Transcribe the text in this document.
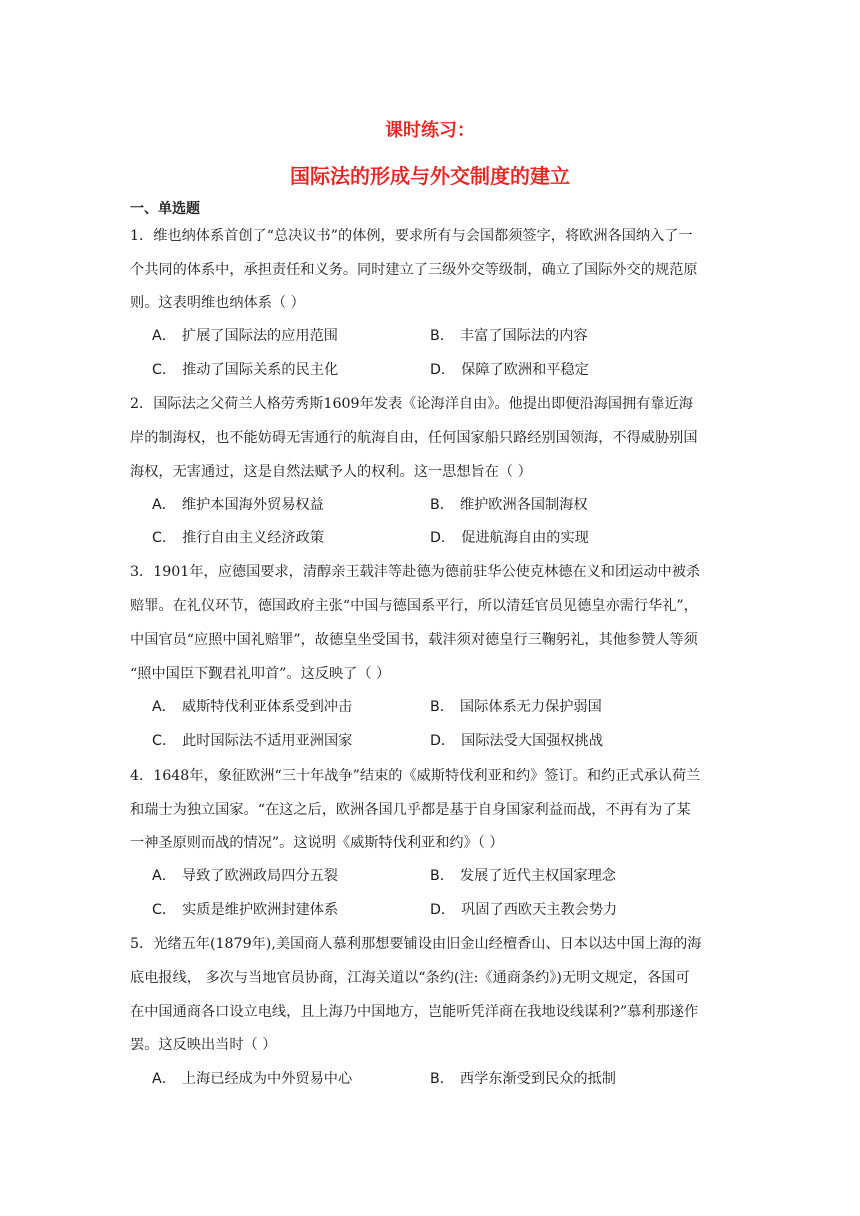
课时练习：
国际法的形成与外交制度的建立
一、单选题
1．维也纳体系首创了“总决议书”的体例，要求所有与会国都须签字，将欧洲各国纳入了一
个共同的体系中，承担责任和义务。同时建立了三级外交等级制，确立了国际外交的规范原
则。这表明维也纳体系（ ）
A． 扩展了国际法的应用范围	B． 丰富了国际法的内容
C． 推动了国际关系的民主化	D． 保障了欧洲和平稳定
2．国际法之父荷兰人格劳秀斯1609年发表《论海洋自由》。他提出即便沿海国拥有靠近海
岸的制海权，也不能妨碍无害通行的航海自由，任何国家船只路经别国领海，不得威胁别国
海权，无害通过，这是自然法赋予人的权利。这一思想旨在（ ）
A． 维护本国海外贸易权益	B． 维护欧洲各国制海权
C． 推行自由主义经济政策	D． 促进航海自由的实现
3．1901年，应德国要求，清醇亲王载沣等赴德为德前驻华公使克林德在义和团运动中被杀
赔罪。在礼仪环节，德国政府主张“中国与德国系平行，所以清廷官员见德皇亦需行华礼”，
中国官员“应照中国礼赔罪”，故德皇坐受国书，载沣须对德皇行三鞠躬礼，其他参赞人等须
“照中国臣下觐君礼叩首”。这反映了（ ）
A． 威斯特伐利亚体系受到冲击	B． 国际体系无力保护弱国
C． 此时国际法不适用亚洲国家	D． 国际法受大国强权挑战
4．1648年，象征欧洲“三十年战争”结束的《威斯特伐利亚和约》签订。和约正式承认荷兰
和瑞士为独立国家。“在这之后，欧洲各国几乎都是基于自身国家利益而战，不再有为了某
一神圣原则而战的情况”。这说明《威斯特伐利亚和约》（ ）
A． 导致了欧洲政局四分五裂	B． 发展了近代主权国家理念
C． 实质是维护欧洲封建体系	D． 巩固了西欧天主教会势力
5．光绪五年(1879年),美国商人慕利那想要铺设由旧金山经檀香山、日本以达中国上海的海
底电报线， 多次与当地官员协商，江海关道以“条约(注:《通商条约》)无明文规定，各国可
在中国通商各口设立电线，且上海乃中国地方，岂能听凭洋商在我地设线谋利?”慕利那遂作
罢。这反映出当时（ ）
A． 上海已经成为中外贸易中心	B． 西学东渐受到民众的抵制
